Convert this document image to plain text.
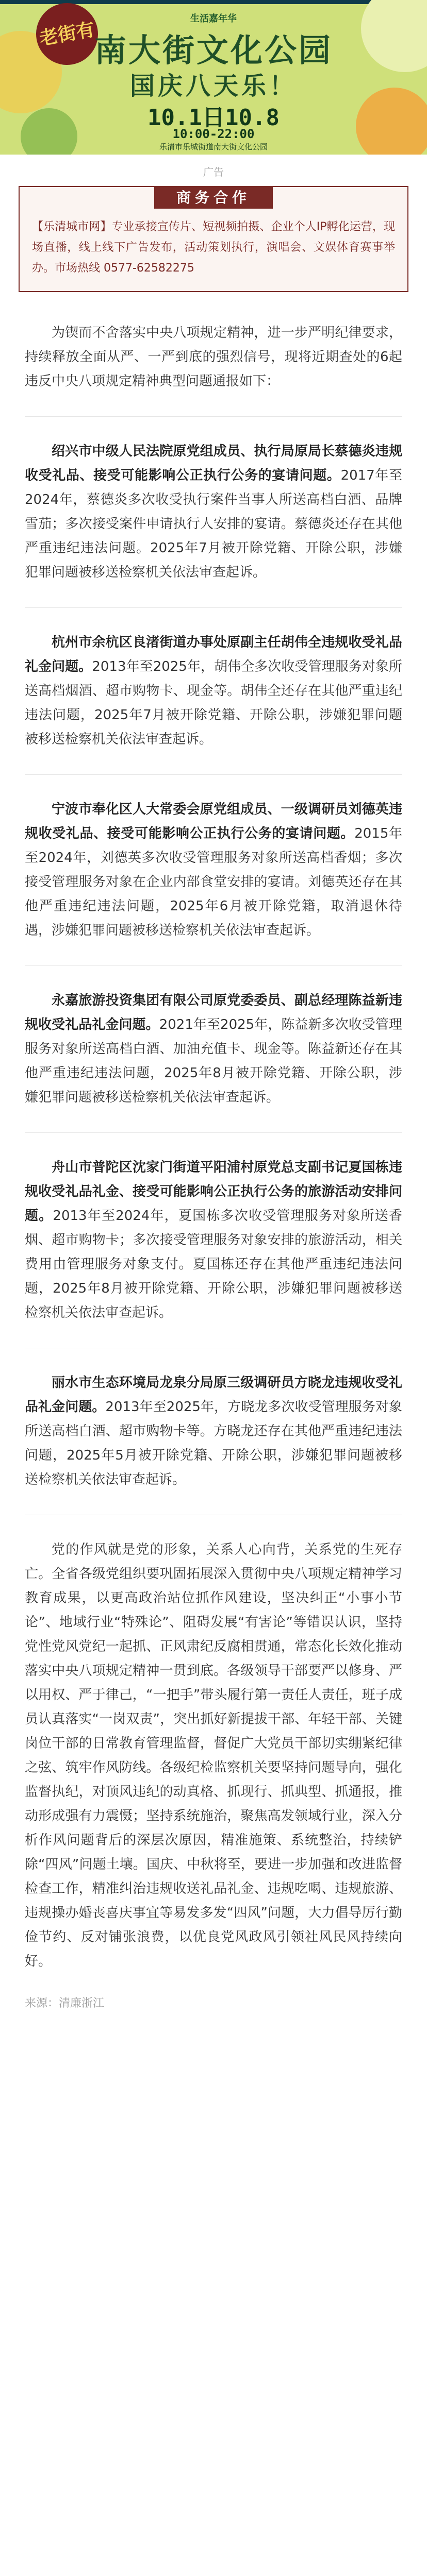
老街有	生活嘉年华
南大街文化公园
国庆八天乐！
10.1日10.8
10:00-22:00
乐清市乐城街道南大街文化公园
广告
商务合作
【乐清城市网】专业承接宣传片、短视频拍摄、企业个人IP孵化运营，现场直播，线上线下广告发布，活动策划执行，演唱会、文娱体育赛事举办。市场热线 0577-62582275

为锲而不舍落实中央八项规定精神，进一步严明纪律要求，持续释放全面从严、一严到底的强烈信号，现将近期查处的6起违反中央八项规定精神典型问题通报如下：

绍兴市中级人民法院原党组成员、执行局原局长蔡德炎违规收受礼品、接受可能影响公正执行公务的宴请问题。2017年至2024年，蔡德炎多次收受执行案件当事人所送高档白酒、品牌雪茄；多次接受案件申请执行人安排的宴请。蔡德炎还存在其他严重违纪违法问题。2025年7月被开除党籍、开除公职，涉嫌犯罪问题被移送检察机关依法审查起诉。

杭州市余杭区良渚街道办事处原副主任胡伟全违规收受礼品礼金问题。2013年至2025年，胡伟全多次收受管理服务对象所送高档烟酒、超市购物卡、现金等。胡伟全还存在其他严重违纪违法问题，2025年7月被开除党籍、开除公职，涉嫌犯罪问题被移送检察机关依法审查起诉。

宁波市奉化区人大常委会原党组成员、一级调研员刘德英违规收受礼品、接受可能影响公正执行公务的宴请问题。2015年至2024年，刘德英多次收受管理服务对象所送高档香烟；多次接受管理服务对象在企业内部食堂安排的宴请。刘德英还存在其他严重违纪违法问题，2025年6月被开除党籍，取消退休待遇，涉嫌犯罪问题被移送检察机关依法审查起诉。

永嘉旅游投资集团有限公司原党委委员、副总经理陈益新违规收受礼品礼金问题。2021年至2025年，陈益新多次收受管理服务对象所送高档白酒、加油充值卡、现金等。陈益新还存在其他严重违纪违法问题，2025年8月被开除党籍、开除公职，涉嫌犯罪问题被移送检察机关依法审查起诉。

舟山市普陀区沈家门街道平阳浦村原党总支副书记夏国栋违规收受礼品礼金、接受可能影响公正执行公务的旅游活动安排问题。2013年至2024年，夏国栋多次收受管理服务对象所送香烟、超市购物卡；多次接受管理服务对象安排的旅游活动，相关费用由管理服务对象支付。夏国栋还存在其他严重违纪违法问题，2025年8月被开除党籍、开除公职，涉嫌犯罪问题被移送检察机关依法审查起诉。

丽水市生态环境局龙泉分局原三级调研员方晓龙违规收受礼品礼金问题。2013年至2025年，方晓龙多次收受管理服务对象所送高档白酒、超市购物卡等。方晓龙还存在其他严重违纪违法问题，2025年5月被开除党籍、开除公职，涉嫌犯罪问题被移送检察机关依法审查起诉。

党的作风就是党的形象，关系人心向背，关系党的生死存亡。全省各级党组织要巩固拓展深入贯彻中央八项规定精神学习教育成果，以更高政治站位抓作风建设，坚决纠正“小事小节论”、地域行业“特殊论”、阻碍发展“有害论”等错误认识，坚持党性党风党纪一起抓、正风肃纪反腐相贯通，常态化长效化推动落实中央八项规定精神一贯到底。各级领导干部要严以修身、严以用权、严于律己，“一把手”带头履行第一责任人责任，班子成员认真落实“一岗双责”，突出抓好新提拔干部、年轻干部、关键岗位干部的日常教育管理监督，督促广大党员干部切实绷紧纪律之弦、筑牢作风防线。各级纪检监察机关要坚持问题导向，强化监督执纪，对顶风违纪的动真格、抓现行、抓典型、抓通报，推动形成强有力震慑；坚持系统施治，聚焦高发领域行业，深入分析作风问题背后的深层次原因，精准施策、系统整治，持续铲除“四风”问题土壤。国庆、中秋将至，要进一步加强和改进监督检查工作，精准纠治违规收送礼品礼金、违规吃喝、违规旅游、违规操办婚丧喜庆事宜等易发多发“四风”问题，大力倡导厉行勤俭节约、反对铺张浪费，以优良党风政风引领社风民风持续向好。

来源：清廉浙江
